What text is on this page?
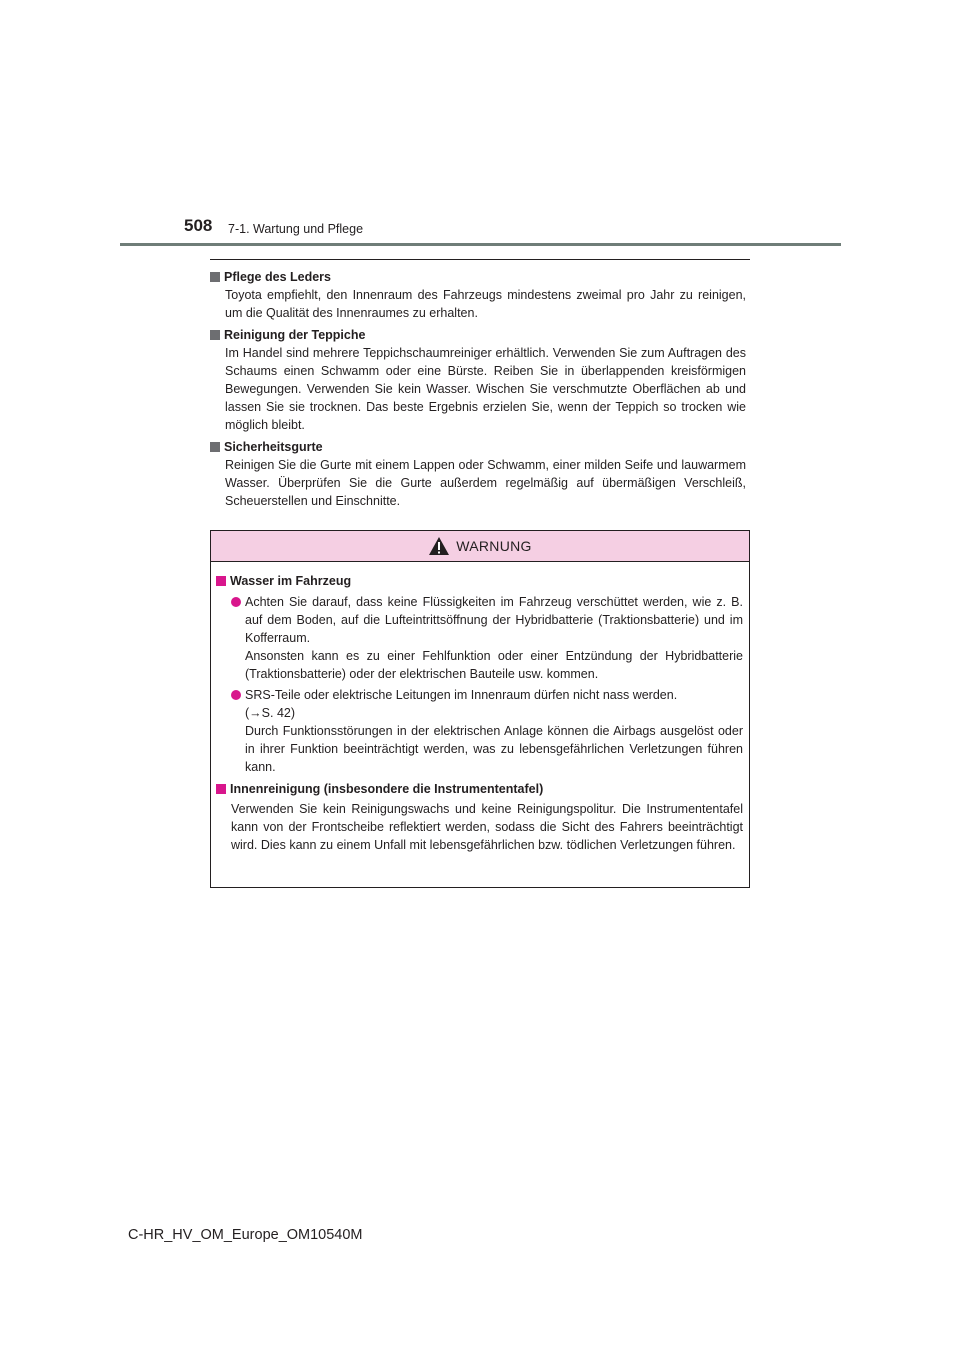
508 7-1. Wartung und Pflege
Pflege des Leders

Toyota empfiehlt, den Innenraum des Fahrzeugs mindestens zweimal pro Jahr zu reinigen, um die Qualität des Innenraumes zu erhalten.

Reinigung der Teppiche

Im Handel sind mehrere Teppichschaumreiniger erhältlich. Verwenden Sie zum Auftragen des Schaums einen Schwamm oder eine Bürste. Reiben Sie in überlappenden kreisförmigen Bewegungen. Verwenden Sie kein Wasser. Wischen Sie verschmutzte Oberflächen ab und lassen Sie sie trocknen. Das beste Ergebnis erzielen Sie, wenn der Teppich so trocken wie möglich bleibt.

Sicherheitsgurte

Reinigen Sie die Gurte mit einem Lappen oder Schwamm, einer milden Seife und lauwarmem Wasser. Überprüfen Sie die Gurte außerdem regelmäßig auf übermäßigen Verschleiß, Scheuerstellen und Einschnitte.

WARNUNG
Wasser im Fahrzeug

Achten Sie darauf, dass keine Flüssigkeiten im Fahrzeug verschüttet werden, wie z. B. auf dem Boden, auf die Lufteintrittsöffnung der Hybridbatterie (Traktionsbatterie) und im Kofferraum.

Ansonsten kann es zu einer Fehlfunktion oder einer Entzündung der Hybridbatterie (Traktionsbatterie) oder der elektrischen Bauteile usw. kommen.

SRS-Teile oder elektrische Leitungen im Innenraum dürfen nicht nass werden.

(→S. 42)

Durch Funktionsstörungen in der elektrischen Anlage können die Airbags ausgelöst oder in ihrer Funktion beeinträchtigt werden, was zu lebensgefährlichen Verletzungen führen kann.

Innenreinigung (insbesondere die Instrumententafel)

Verwenden Sie kein Reinigungswachs und keine Reinigungspolitur. Die Instrumententafel kann von der Frontscheibe reflektiert werden, sodass die Sicht des Fahrers beeinträchtigt wird. Dies kann zu einem Unfall mit lebensgefährlichen bzw. tödlichen Verletzungen führen.

C-HR_HV_OM_Europe_OM10540M
